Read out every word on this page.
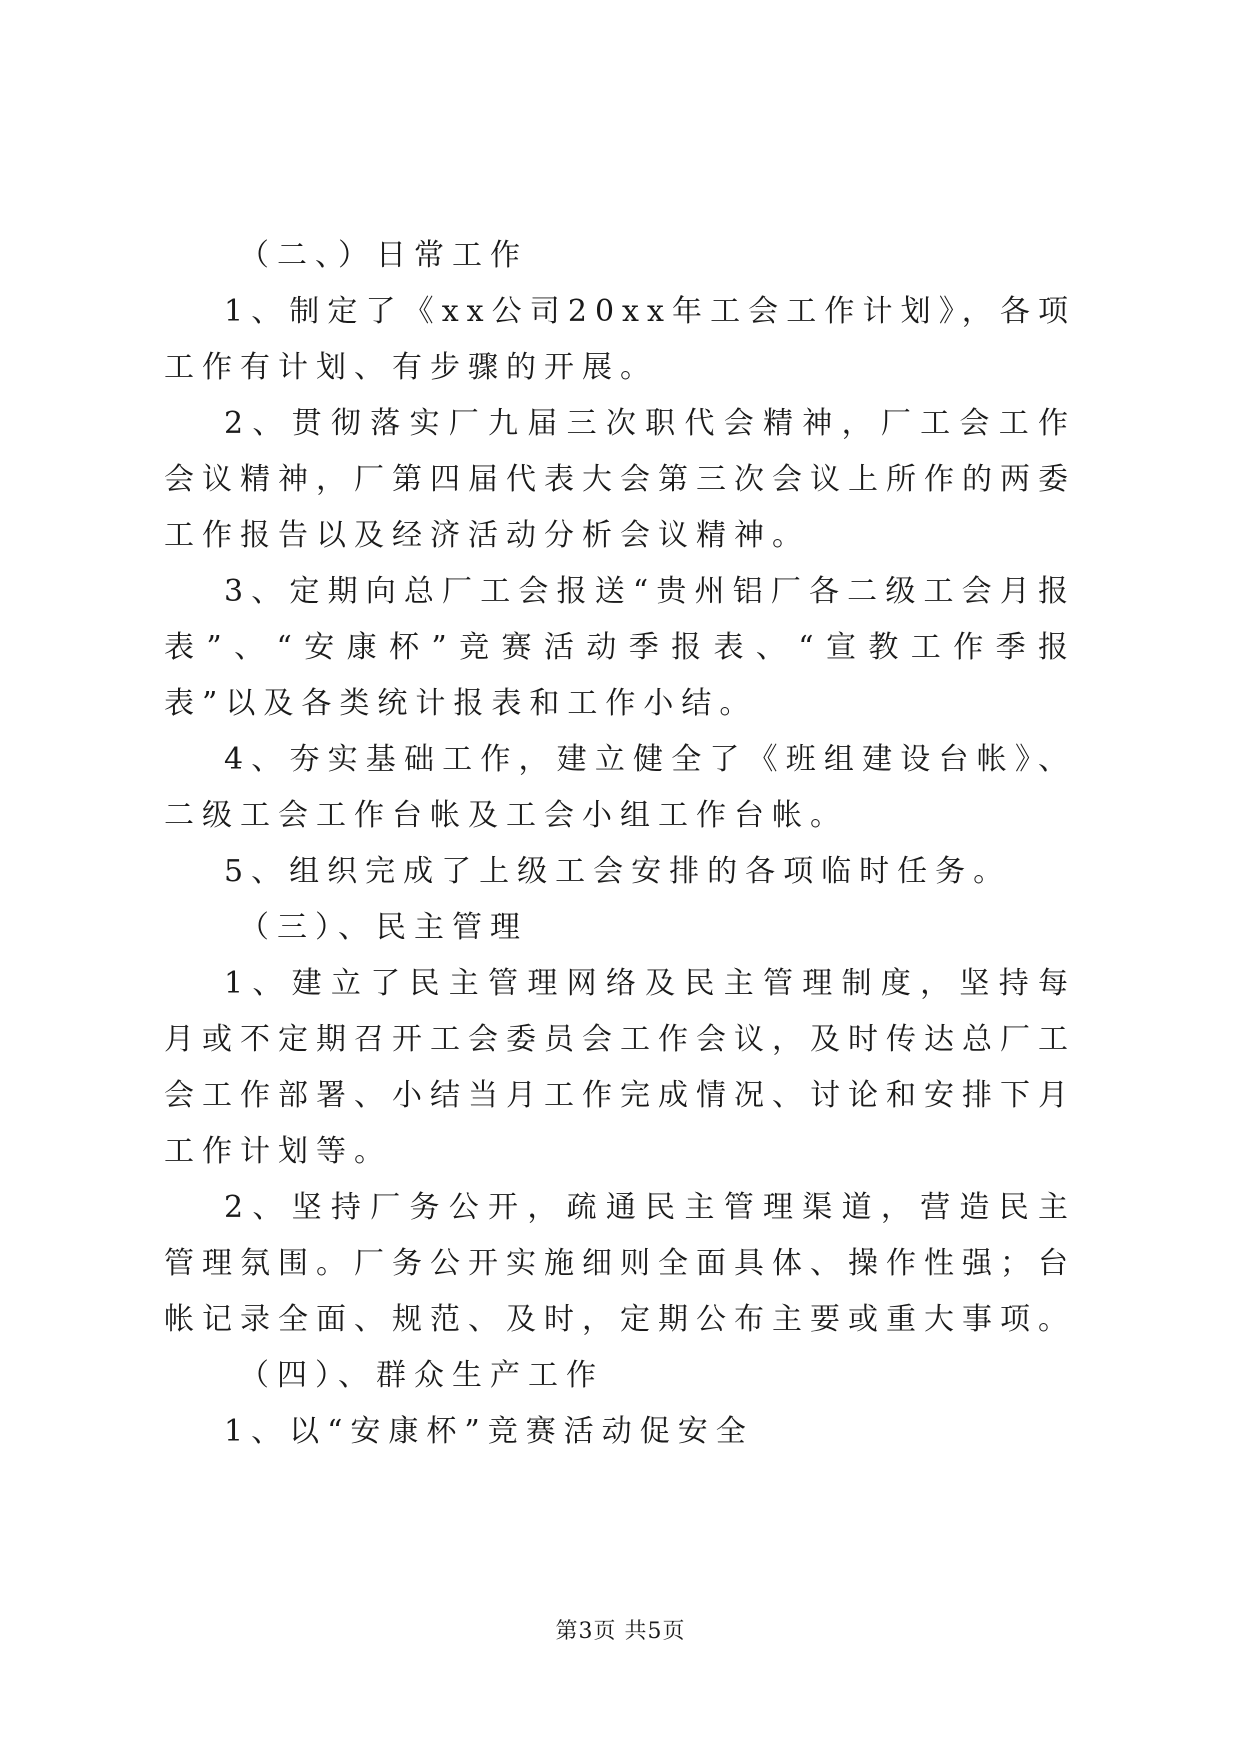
（二、）日常工作

1、制定了《xx公司20xx年工会工作计划》，各项工作有计划、有步骤的开展。

2、贯彻落实厂九届三次职代会精神，厂工会工作会议精神，厂第四届代表大会第三次会议上所作的两委工作报告以及经济活动分析会议精神。

3、定期向总厂工会报送“贵州铝厂各二级工会月报表”、“安康杯”竞赛活动季报表、“宣教工作季报表”以及各类统计报表和工作小结。

4、夯实基础工作，建立健全了《班组建设台帐》、二级工会工作台帐及工会小组工作台帐。

5、组织完成了上级工会安排的各项临时任务。

（三）、民主管理

1、建立了民主管理网络及民主管理制度，坚持每月或不定期召开工会委员会工作会议，及时传达总厂工会工作部署、小结当月工作完成情况、讨论和安排下月工作计划等。

2、坚持厂务公开，疏通民主管理渠道，营造民主管理氛围。厂务公开实施细则全面具体、操作性强；台帐记录全面、规范、及时，定期公布主要或重大事项。

（四）、群众生产工作

1、以“安康杯”竞赛活动促安全

第3页 共5页
